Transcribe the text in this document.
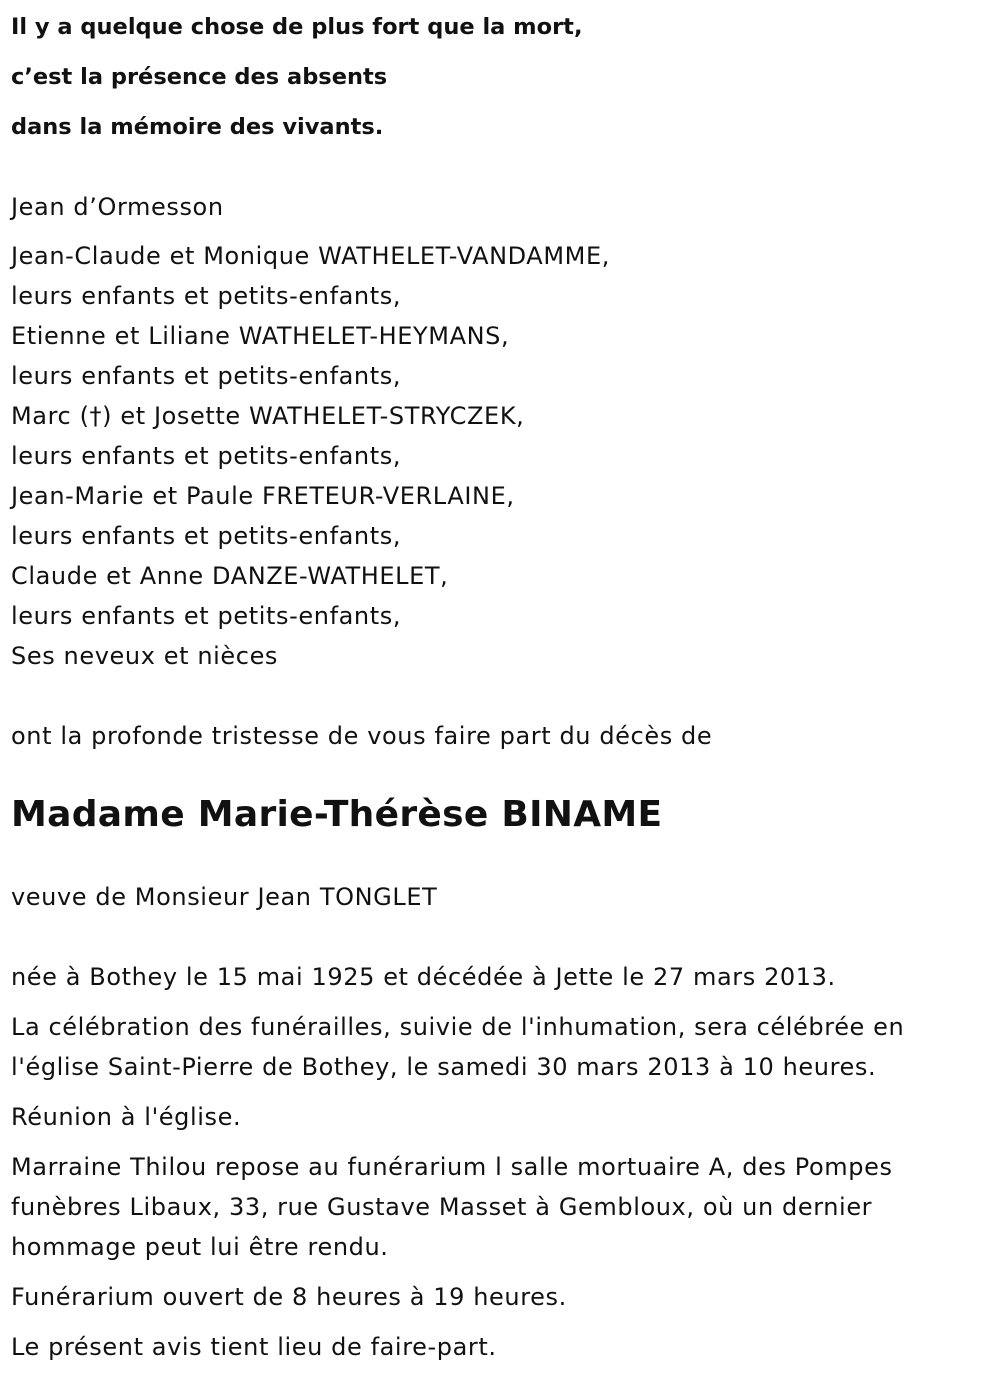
Il y a quelque chose de plus fort que la mort,
c’est la présence des absents
dans la mémoire des vivants.
Jean d’Ormesson
Jean-Claude et Monique WATHELET-VANDAMME,
leurs enfants et petits-enfants,
Etienne et Liliane WATHELET-HEYMANS,
leurs enfants et petits-enfants,
Marc (†) et Josette WATHELET-STRYCZEK,
leurs enfants et petits-enfants,
Jean-Marie et Paule FRETEUR-VERLAINE,
leurs enfants et petits-enfants,
Claude et Anne DANZE-WATHELET,
leurs enfants et petits-enfants,
Ses neveux et nièces
ont la profonde tristesse de vous faire part du décès de
Madame Marie-Thérèse BINAME
veuve de Monsieur Jean TONGLET
née à Bothey le 15 mai 1925 et décédée à Jette le 27 mars 2013.
La célébration des funérailles, suivie de l'inhumation, sera célébrée en
l'église Saint-Pierre de Bothey, le samedi 30 mars 2013 à 10 heures.
Réunion à l'église.
Marraine Thilou repose au funérarium l salle mortuaire A, des Pompes
funèbres Libaux, 33, rue Gustave Masset à Gembloux, où un dernier
hommage peut lui être rendu.
Funérarium ouvert de 8 heures à 19 heures.
Le présent avis tient lieu de faire-part.
